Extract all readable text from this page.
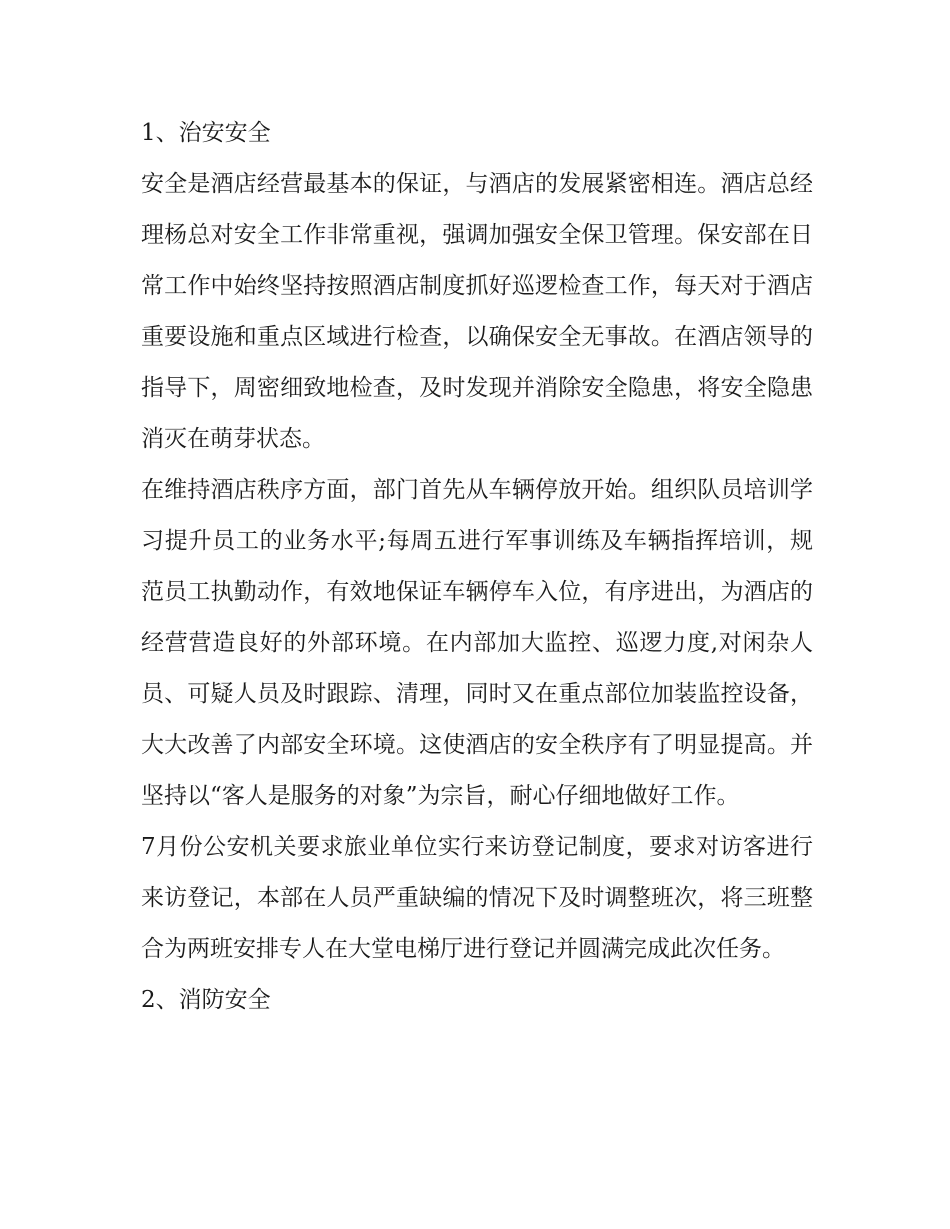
1、治安安全

安全是酒店经营最基本的保证，与酒店的发展紧密相连。酒店总经理杨总对安全工作非常重视，强调加强安全保卫管理。保安部在日常工作中始终坚持按照酒店制度抓好巡逻检查工作，每天对于酒店重要设施和重点区域进行检查，以确保安全无事故。在酒店领导的指导下，周密细致地检查，及时发现并消除安全隐患，将安全隐患消灭在萌芽状态。

在维持酒店秩序方面，部门首先从车辆停放开始。组织队员培训学习提升员工的业务水平;每周五进行军事训练及车辆指挥培训，规范员工执勤动作，有效地保证车辆停车入位，有序进出，为酒店的经营营造良好的外部环境。在内部加大监控、巡逻力度,对闲杂人员、可疑人员及时跟踪、清理，同时又在重点部位加装监控设备，大大改善了内部安全环境。这使酒店的安全秩序有了明显提高。并坚持以“客人是服务的对象”为宗旨，耐心仔细地做好工作。

7月份公安机关要求旅业单位实行来访登记制度，要求对访客进行来访登记，本部在人员严重缺编的情况下及时调整班次，将三班整合为两班安排专人在大堂电梯厅进行登记并圆满完成此次任务。

2、消防安全
